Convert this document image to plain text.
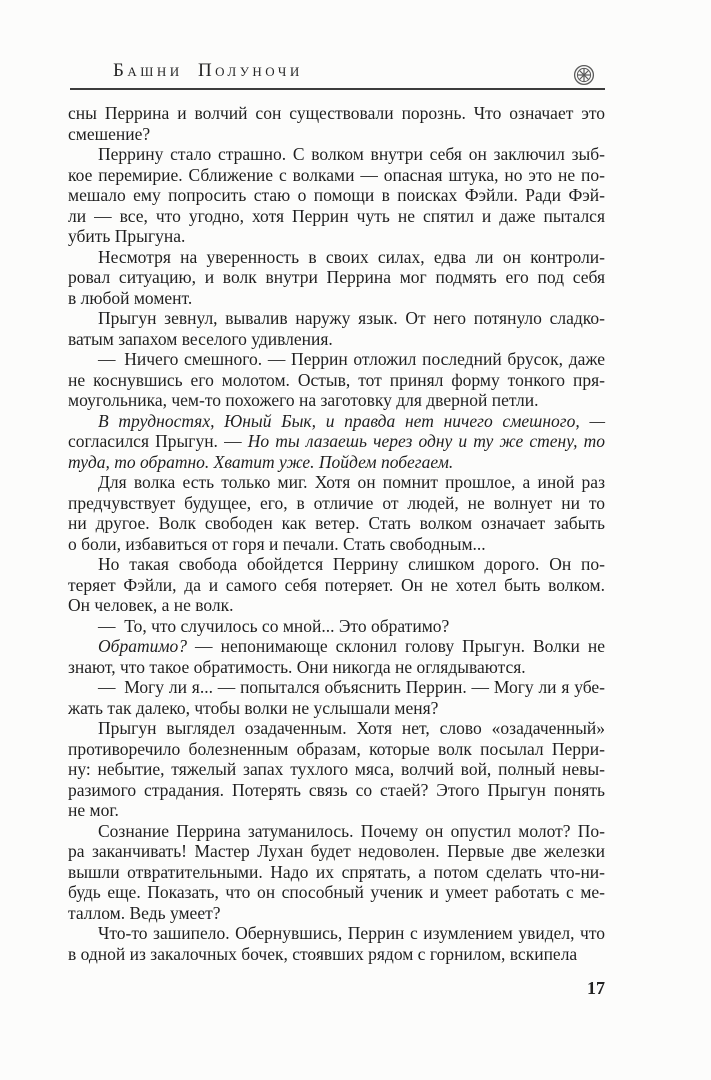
Башни Полуночи
сны Перрина и волчий сон существовали порознь. Что означает это
смешение?
Перрину стало страшно. С волком внутри себя он заключил зыб-
кое перемирие. Сближение с волками — опасная штука, но это не по-
мешало ему попросить стаю о помощи в поисках Фэйли. Ради Фэй-
ли — все, что угодно, хотя Перрин чуть не спятил и даже пытался
убить Прыгуна.
Несмотря на уверенность в своих силах, едва ли он контроли-
ровал ситуацию, и волк внутри Перрина мог подмять его под себя
в любой момент.
Прыгун зевнул, вывалив наружу язык. От него потянуло сладко-
ватым запахом веселого удивления.
— Ничего смешного. — Перрин отложил последний брусок, даже
не коснувшись его молотом. Остыв, тот принял форму тонкого пря-
моугольника, чем-то похожего на заготовку для дверной петли.
В трудностях, Юный Бык, и правда нет ничего смешного, —
согласился Прыгун. — Но ты лазаешь через одну и ту же стену, то
туда, то обратно. Хватит уже. Пойдем побегаем.
Для волка есть только миг. Хотя он помнит прошлое, а иной раз
предчувствует будущее, его, в отличие от людей, не волнует ни то
ни другое. Волк свободен как ветер. Стать волком означает забыть
о боли, избавиться от горя и печали. Стать свободным...
Но такая свобода обойдется Перрину слишком дорого. Он по-
теряет Фэйли, да и самого себя потеряет. Он не хотел быть волком.
Он человек, а не волк.
— То, что случилось со мной... Это обратимо?
Обратимо? — непонимающе склонил голову Прыгун. Волки не
знают, что такое обратимость. Они никогда не оглядываются.
— Могу ли я... — попытался объяснить Перрин. — Могу ли я убе-
жать так далеко, чтобы волки не услышали меня?
Прыгун выглядел озадаченным. Хотя нет, слово «озадаченный»
противоречило болезненным образам, которые волк посылал Перри-
ну: небытие, тяжелый запах тухлого мяса, волчий вой, полный невы-
разимого страдания. Потерять связь со стаей? Этого Прыгун понять
не мог.
Сознание Перрина затуманилось. Почему он опустил молот? По-
ра заканчивать! Мастер Лухан будет недоволен. Первые две железки
вышли отвратительными. Надо их спрятать, а потом сделать что-ни-
будь еще. Показать, что он способный ученик и умеет работать с ме-
таллом. Ведь умеет?
Что-то зашипело. Обернувшись, Перрин с изумлением увидел, что
в одной из закалочных бочек, стоявших рядом с горнилом, вскипела
17
